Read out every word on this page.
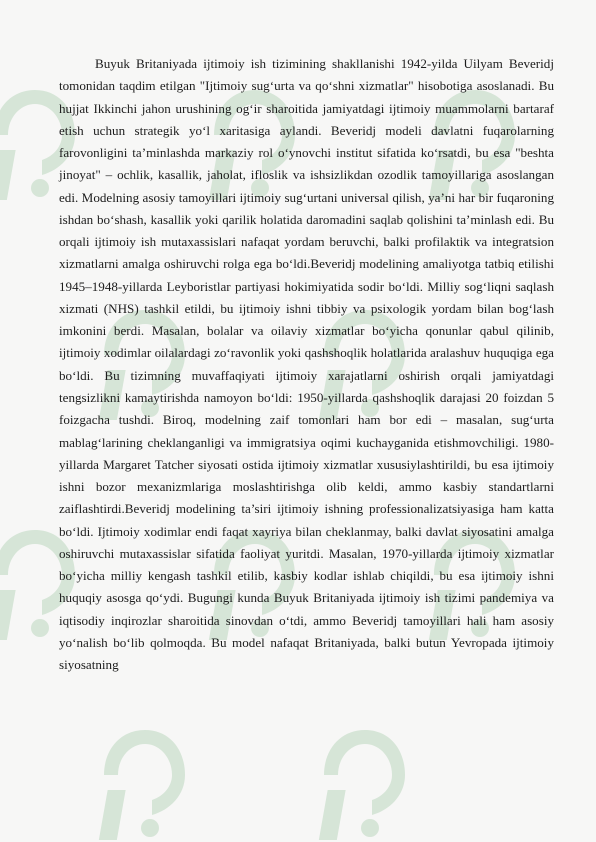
Buyuk Britaniyada ijtimoiy ish tizimining shakllanishi 1942-yilda Uilyam Beveridj tomonidan taqdim etilgan "Ijtimoiy sug‘urta va qo‘shni xizmatlar" hisobotiga asoslanadi. Bu hujjat Ikkinchi jahon urushining og‘ir sharoitida jamiyatdagi ijtimoiy muammolarni bartaraf etish uchun strategik yo‘l xaritasiga aylandi. Beveridj modeli davlatni fuqarolarning farovonligini ta’minlashda markaziy rol o‘ynovchi institut sifatida ko‘rsatdi, bu esa "beshta jinoyat" – ochlik, kasallik, jaholat, ifloslik va ishsizlikdan ozodlik tamoyillariga asoslangan edi. Modelning asosiy tamoyillari ijtimoiy sug‘urtani universal qilish, ya’ni har bir fuqaroning ishdan bo‘shash, kasallik yoki qarilik holatida daromadini saqlab qolishini ta’minlash edi. Bu orqali ijtimoiy ish mutaxassislari nafaqat yordam beruvchi, balki profilaktik va integratsion xizmatlarni amalga oshiruvchi rolga ega bo‘ldi.Beveridj modelining amaliyotga tatbiq etilishi 1945–1948-yillarda Leyboristlar partiyasi hokimiyatida sodir bo‘ldi. Milliy sog‘liqni saqlash xizmati (NHS) tashkil etildi, bu ijtimoiy ishni tibbiy va psixologik yordam bilan bog‘lash imkonini berdi. Masalan, bolalar va oilaviy xizmatlar bo‘yicha qonunlar qabul qilinib, ijtimoiy xodimlar oilalardagi zo‘ravonlik yoki qashshoqlik holatlarida aralashuv huquqiga ega bo‘ldi. Bu tizimning muvaffaqiyati ijtimoiy xarajatlarni oshirish orqali jamiyatdagi tengsizlikni kamaytirishda namoyon bo‘ldi: 1950-yillarda qashshoqlik darajasi 20 foizdan 5 foizgacha tushdi. Biroq, modelning zaif tomonlari ham bor edi – masalan, sug‘urta mablag‘larining cheklanganligi va immigratsiya oqimi kuchayganida etishmovchiligi. 1980-yillarda Margaret Tatcher siyosati ostida ijtimoiy xizmatlar xususiylashtirildi, bu esa ijtimoiy ishni bozor mexanizmlariga moslashtirishga olib keldi, ammo kasbiy standartlarni zaiflashtirdi.Beveridj modelining ta’siri ijtimoiy ishning professionalizatsiyasiga ham katta bo‘ldi. Ijtimoiy xodimlar endi faqat xayriya bilan cheklanmay, balki davlat siyosatini amalga oshiruvchi mutaxassislar sifatida faoliyat yuritdi. Masalan, 1970-yillarda ijtimoiy xizmatlar bo‘yicha milliy kengash tashkil etilib, kasbiy kodlar ishlab chiqildi, bu esa ijtimoiy ishni huquqiy asosga qo‘ydi. Bugungi kunda Buyuk Britaniyada ijtimoiy ish tizimi pandemiya va iqtisodiy inqirozlar sharoitida sinovdan o‘tdi, ammo Beveridj tamoyillari hali ham asosiy yo‘nalish bo‘lib qolmoqda. Bu model nafaqat Britaniyada, balki butun Yevropada ijtimoiy siyosatning
